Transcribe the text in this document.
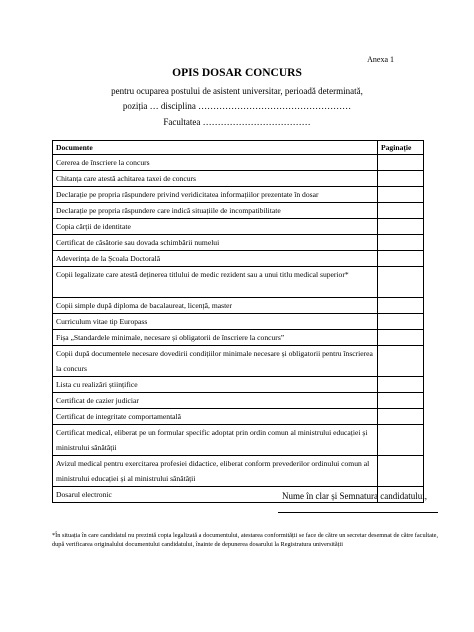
Anexa 1
OPIS DOSAR CONCURS
pentru ocuparea postului de asistent universitar, perioadă determinată,
poziția … disciplina ……………………………………………
Facultatea ………………………………
Documente	Paginație
Cererea de înscriere la concurs	
Chitanța care atestă achitarea taxei de concurs	
Declarație pe propria răspundere privind veridicitatea informațiilor prezentate în dosar	
Declarație pe propria răspundere care indică situațiile de incompatibilitate	
Copia cărții de identitate	
Certificat de căsătorie sau dovada schimbării numelui	
Adeverința de la Școala Doctorală	
Copii legalizate care atestă deținerea titlului de medic rezident sau a unui titlu medical superior*	
Copii simple după diploma de bacalaureat, licență, master	
Curriculum vitae tip Europass	
Fișa „Standardele minimale, necesare și obligatorii de înscriere la concurs”	
Copii după documentele necesare dovedirii condițiilor minimale necesare și obligatorii pentru înscrierea la concurs	
Lista cu realizări științifice	
Certificat de cazier judiciar	
Certificat de integritate comportamentală	
Certificat medical, eliberat pe un formular specific adoptat prin ordin comun al ministrului educației și ministrului sănătății	
Avizul medical pentru exercitarea profesiei didactice, eliberat conform prevederilor ordinului comun al ministrului educației și al ministrului sănătății	
Dosarul electronic		Nume în clar și Semnatura candidatului,
*În situația în care candidatul nu prezintă copia legalizată a documentului, atestarea conformității se face de către un secretar desemnat de către facultate, după verificarea originalului documentului candidatului, înainte de depunerea dosarului la Registratura universității
